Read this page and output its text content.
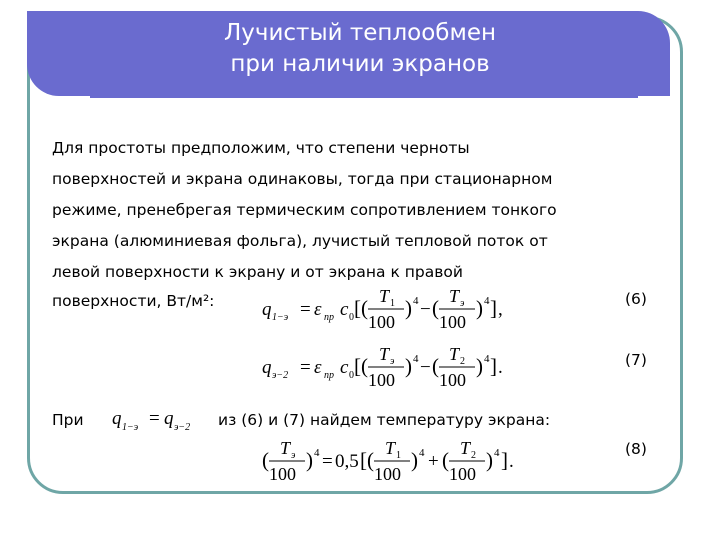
Лучистый теплообмен
при наличии экранов
Для простоты предположим, что степени черноты
поверхностей и экрана одинаковы, тогда при стационарном
режиме, пренебрегая термическим сопротивлением тонкого
экрана (алюминиевая фольга), лучистый тепловой поток от
левой поверхности к экрану и от экрана к правой
поверхности, Вт/м²:	(6)
(7)
(8)
При	из (6) и (7) найдем температуру экрана:
q 1−э = ε пр c 0 [ ( T 1
100
) 4 − ( T э
100
) 4 ] ,
q э−2 = ε пр c 0 [ ( T э
100
) 4 − ( T 2
100
) 4 ] .
q 1−э = q э−2
( T э
100
) 4 = 0,5 [ ( T 1
100
) 4 + ( T 2
100
) 4 ] .
